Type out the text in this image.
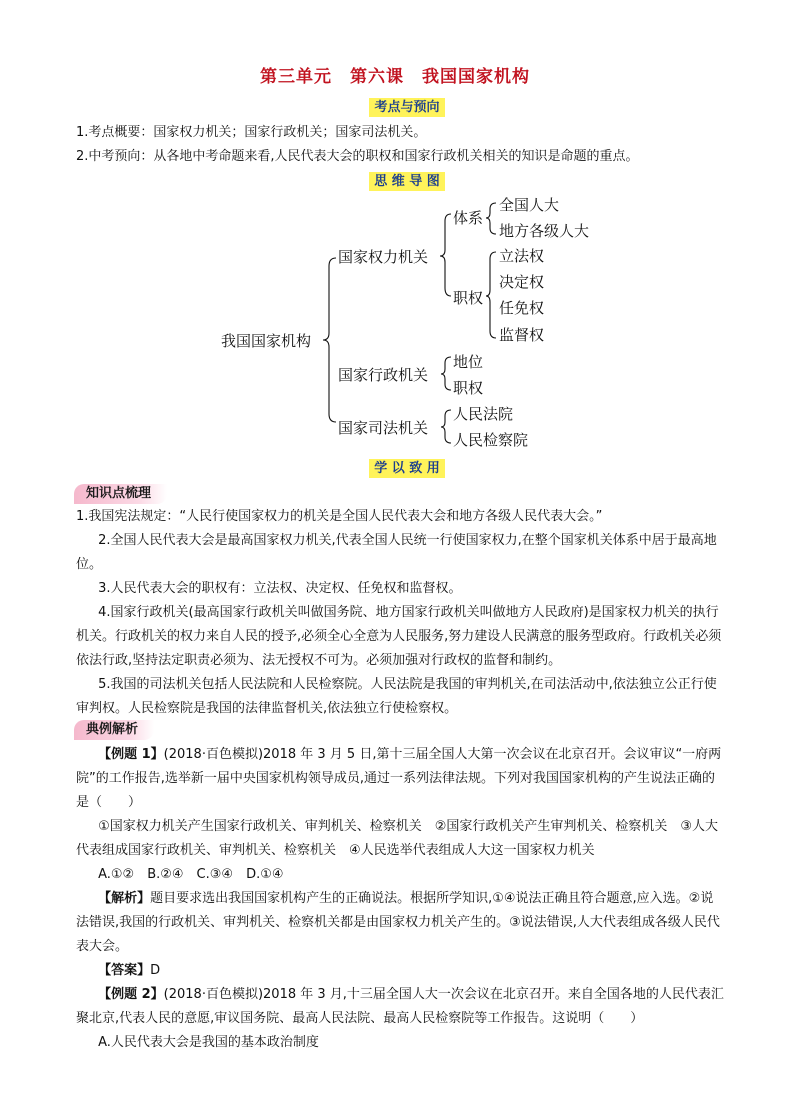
第三单元　第六课　我国国家机构
考点与预向
1.考点概要：国家权力机关；国家行政机关；国家司法机关。
2.中考预向：从各地中考命题来看,人民代表大会的职权和国家行政机关相关的知识是命题的重点。
思 维 导 图
我国国家机构
国家权力机关
体系
全国人大
地方各级人大
职权
立法权
决定权
任免权
监督权
国家行政机关
地位
职权
国家司法机关
人民法院
人民检察院
学 以 致 用
知识点梳理
1.我国宪法规定：“人民行使国家权力的机关是全国人民代表大会和地方各级人民代表大会。”
2.全国人民代表大会是最高国家权力机关,代表全国人民统一行使国家权力,在整个国家机关体系中居于最高地位。
3.人民代表大会的职权有：立法权、决定权、任免权和监督权。
4.国家行政机关(最高国家行政机关叫做国务院、地方国家行政机关叫做地方人民政府)是国家权力机关的执行机关。行政机关的权力来自人民的授予,必须全心全意为人民服务,努力建设人民满意的服务型政府。行政机关必须依法行政,坚持法定职责必须为、法无授权不可为。必须加强对行政权的监督和制约。
5.我国的司法机关包括人民法院和人民检察院。人民法院是我国的审判机关,在司法活动中,依法独立公正行使审判权。人民检察院是我国的法律监督机关,依法独立行使检察权。
典例解析
【例题 1】(2018·百色模拟)2018 年 3 月 5 日,第十三届全国人大第一次会议在北京召开。会议审议“一府两院”的工作报告,选举新一届中央国家机构领导成员,通过一系列法律法规。下列对我国国家机构的产生说法正确的是（　　）
①国家权力机关产生国家行政机关、审判机关、检察机关　②国家行政机关产生审判机关、检察机关　③人大代表组成国家行政机关、审判机关、检察机关　④人民选举代表组成人大这一国家权力机关
A.①②　B.②④　C.③④　D.①④
【解析】题目要求选出我国国家机构产生的正确说法。根据所学知识,①④说法正确且符合题意,应入选。②说法错误,我国的行政机关、审判机关、检察机关都是由国家权力机关产生的。③说法错误,人大代表组成各级人民代表大会。
【答案】D
【例题 2】(2018·百色模拟)2018 年 3 月,十三届全国人大一次会议在北京召开。来自全国各地的人民代表汇聚北京,代表人民的意愿,审议国务院、最高人民法院、最高人民检察院等工作报告。这说明（　　）
A.人民代表大会是我国的基本政治制度
